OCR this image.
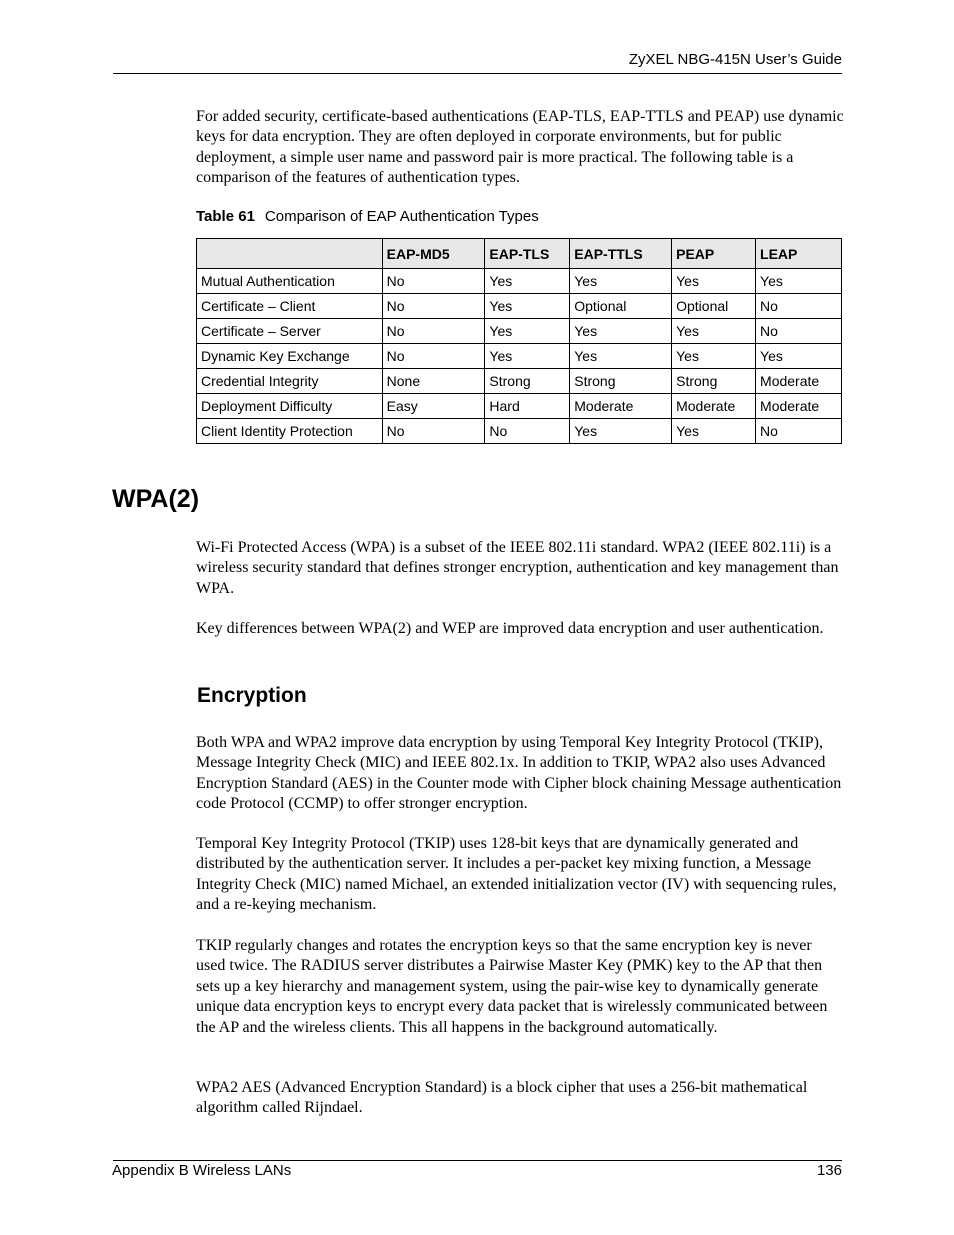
ZyXEL NBG-415N User’s Guide

For added security, certificate-based authentications (EAP-TLS, EAP-TTLS and PEAP) use dynamic keys for data encryption. They are often deployed in corporate environments, but for public deployment, a simple user name and password pair is more practical. The following table is a comparison of the features of authentication types.

Table 61 Comparison of EAP Authentication Types
	EAP-MD5	EAP-TLS	EAP-TTLS	PEAP	LEAP
Mutual Authentication	No	Yes	Yes	Yes	Yes
Certificate – Client	No	Yes	Optional	Optional	No
Certificate – Server	No	Yes	Yes	Yes	No
Dynamic Key Exchange	No	Yes	Yes	Yes	Yes
Credential Integrity	None	Strong	Strong	Strong	Moderate
Deployment Difficulty	Easy	Hard	Moderate	Moderate	Moderate
Client Identity Protection	No	No	Yes	Yes	No
WPA(2)

Wi-Fi Protected Access (WPA) is a subset of the IEEE 802.11i standard. WPA2 (IEEE 802.11i) is a wireless security standard that defines stronger encryption, authentication and key management than WPA.

Key differences between WPA(2) and WEP are improved data encryption and user authentication.

Encryption

Both WPA and WPA2 improve data encryption by using Temporal Key Integrity Protocol (TKIP), Message Integrity Check (MIC) and IEEE 802.1x. In addition to TKIP, WPA2 also uses Advanced Encryption Standard (AES) in the Counter mode with Cipher block chaining Message authentication code Protocol (CCMP) to offer stronger encryption.

Temporal Key Integrity Protocol (TKIP) uses 128-bit keys that are dynamically generated and distributed by the authentication server. It includes a per-packet key mixing function, a Message Integrity Check (MIC) named Michael, an extended initialization vector (IV) with sequencing rules, and a re-keying mechanism.

TKIP regularly changes and rotates the encryption keys so that the same encryption key is never used twice. The RADIUS server distributes a Pairwise Master Key (PMK) key to the AP that then sets up a key hierarchy and management system, using the pair-wise key to dynamically generate unique data encryption keys to encrypt every data packet that is wirelessly communicated between the AP and the wireless clients. This all happens in the background automatically.

WPA2 AES (Advanced Encryption Standard) is a block cipher that uses a 256-bit mathematical algorithm called Rijndael.

Appendix B Wireless LANs	136
